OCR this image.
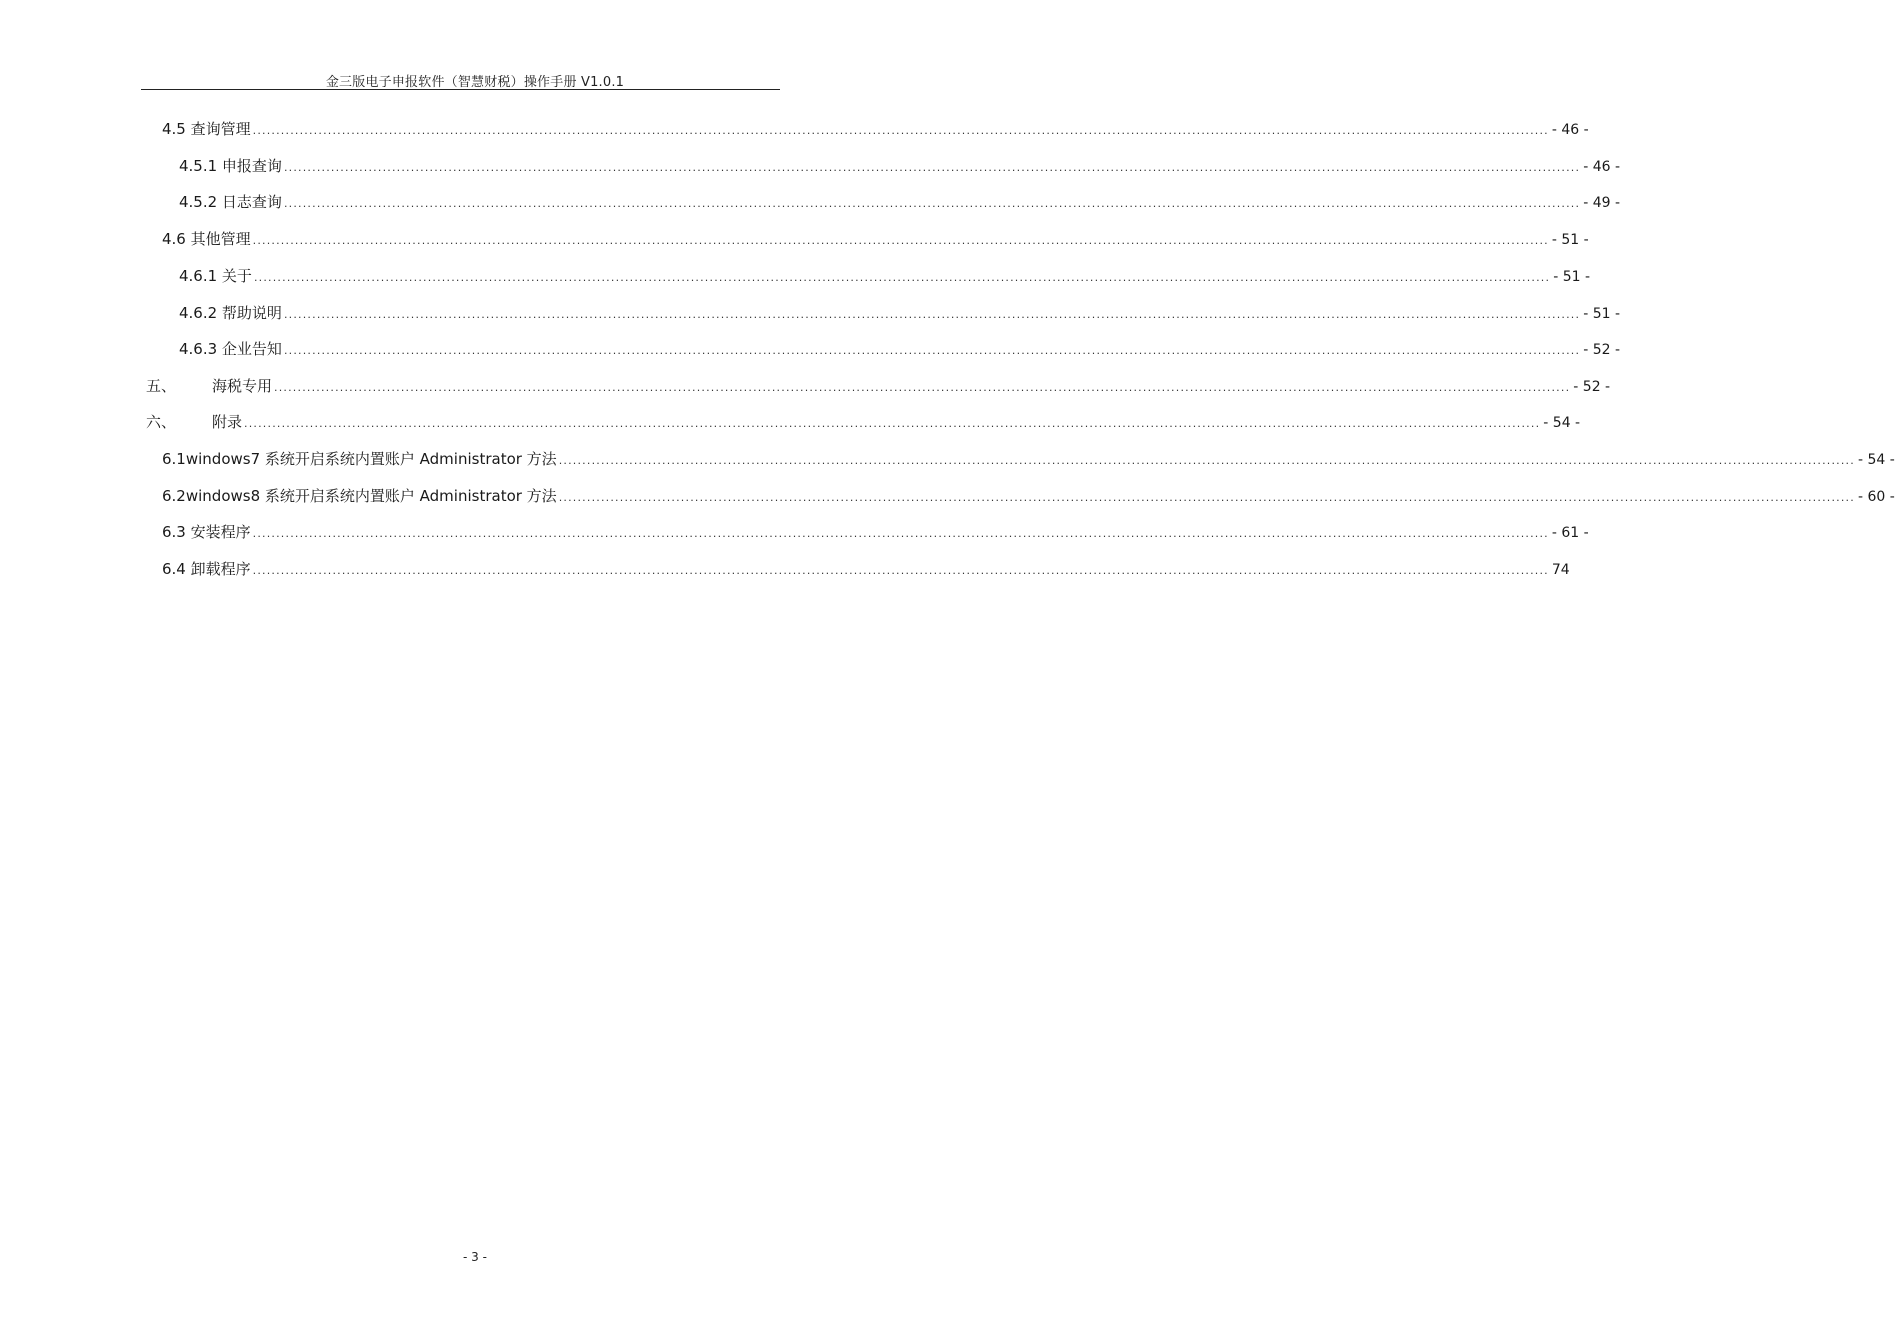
金三版电子申报软件（智慧财税）操作手册 V1.0.1
4.5 查询管理 .....	- 46 -
4.5.1 申报查询 .....	- 46 -
4.5.2 日志查询 .....	- 49 -
4.6 其他管理 .....	- 51 -
4.6.1 关于 .....	- 51 -
4.6.2 帮助说明 .....	- 51 -
4.6.3 企业告知 .....	- 52 -
五、 海税专用 .....	- 52 -
六、 附录 .....	- 54 -
6.1windows7 系统开启系统内置账户 Administrator 方法 .....	- 54 -
6.2windows8 系统开启系统内置账户 Administrator 方法 .....	- 60 -
6.3 安装程序 .....	- 61 -
6.4 卸载程序 .....	74
- 3 -
